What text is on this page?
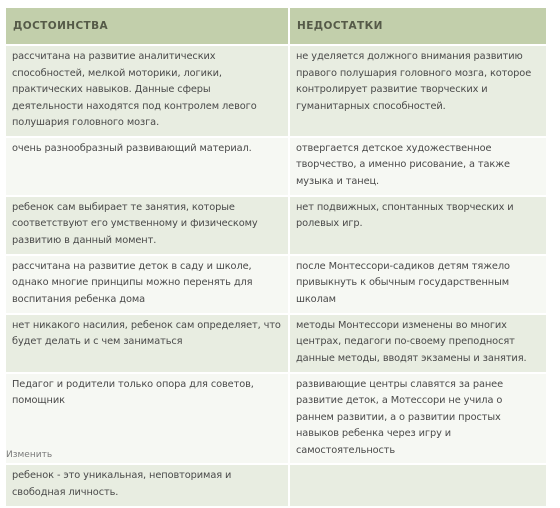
ДОСТОИНСТВА	НЕДОСТАТКИ
рассчитана на развитие аналитических способностей, мелкой моторики, логики, практических навыков. Данные сферы деятельности находятся под контролем левого полушария головного мозга.	не уделяется должного внимания развитию правого полушария головного мозга, которое контролирует развитие творческих и гуманитарных способностей.
очень разнообразный развивающий материал.	отвергается детское художественное творчество, а именно рисование, а также музыка и танец.
ребенок сам выбирает те занятия, которые соответствуют его умственному и физическому развитию в данный момент.	нет подвижных, спонтанных творческих и ролевых игр.
рассчитана на развитие деток в саду и школе, однако многие принципы можно перенять для воспитания ребенка дома	после Монтессори-садиков детям тяжело привыкнуть к обычным государственным школам
нет никакого насилия, ребенок сам определяет, что будет делать и с чем заниматься	методы Монтессори изменены во многих центрах, педагоги по-своему преподносят данные методы, вводят экзамены и занятия.
Педагог и родители только опора для советов, помощник	развивающие центры славятся за ранее развитие деток, а Мотессори не учила о раннем развитии, а о развитии простых навыков ребенка через игру и самостоятельность
ребенок - это уникальная, неповторимая и свободная личность.	
Изменить
